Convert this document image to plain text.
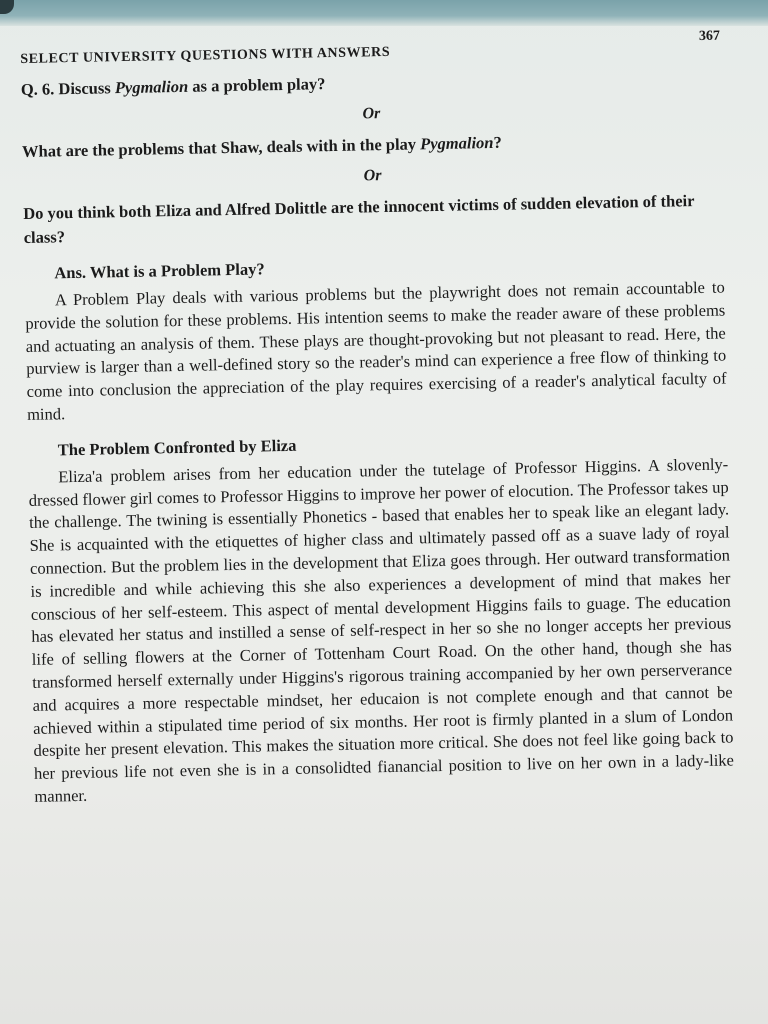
SELECT UNIVERSITY QUESTIONS WITH ANSWERS
367

Q. 6. Discuss Pygmalion as a problem play?

Or

What are the problems that Shaw, deals with in the play Pygmalion?

Or

Do you think both Eliza and Alfred Dolittle are the innocent victims of sudden elevation of their class?

Ans. What is a Problem Play?

A Problem Play deals with various problems but the playwright does not remain accountable to provide the solution for these problems. His intention seems to make the reader aware of these problems and actuating an analysis of them. These plays are thought-provoking but not pleasant to read. Here, the purview is larger than a well-defined story so the reader's mind can experience a free flow of thinking to come into conclusion the appreciation of the play requires exercising of a reader's analytical faculty of mind.

The Problem Confronted by Eliza

Eliza'a problem arises from her education under the tutelage of Professor Higgins. A slovenly-dressed flower girl comes to Professor Higgins to improve her power of elocution. The Professor takes up the challenge. The twining is essentially Phonetics - based that enables her to speak like an elegant lady. She is acquainted with the etiquettes of higher class and ultimately passed off as a suave lady of royal connection. But the problem lies in the development that Eliza goes through. Her outward transformation is incredible and while achieving this she also experiences a development of mind that makes her conscious of her self-esteem. This aspect of mental development Higgins fails to guage. The education has elevated her status and instilled a sense of self-respect in her so she no longer accepts her previous life of selling flowers at the Corner of Tottenham Court Road. On the other hand, though she has transformed herself externally under Higgins's rigorous training accompanied by her own perserverance and acquires a more respectable mindset, her educaion is not complete enough and that cannot be achieved within a stipulated time period of six months. Her root is firmly planted in a slum of London despite her present elevation. This makes the situation more critical. She does not feel like going back to her previous life not even she is in a consolidted fianancial position to live on her own in a lady-like manner.
